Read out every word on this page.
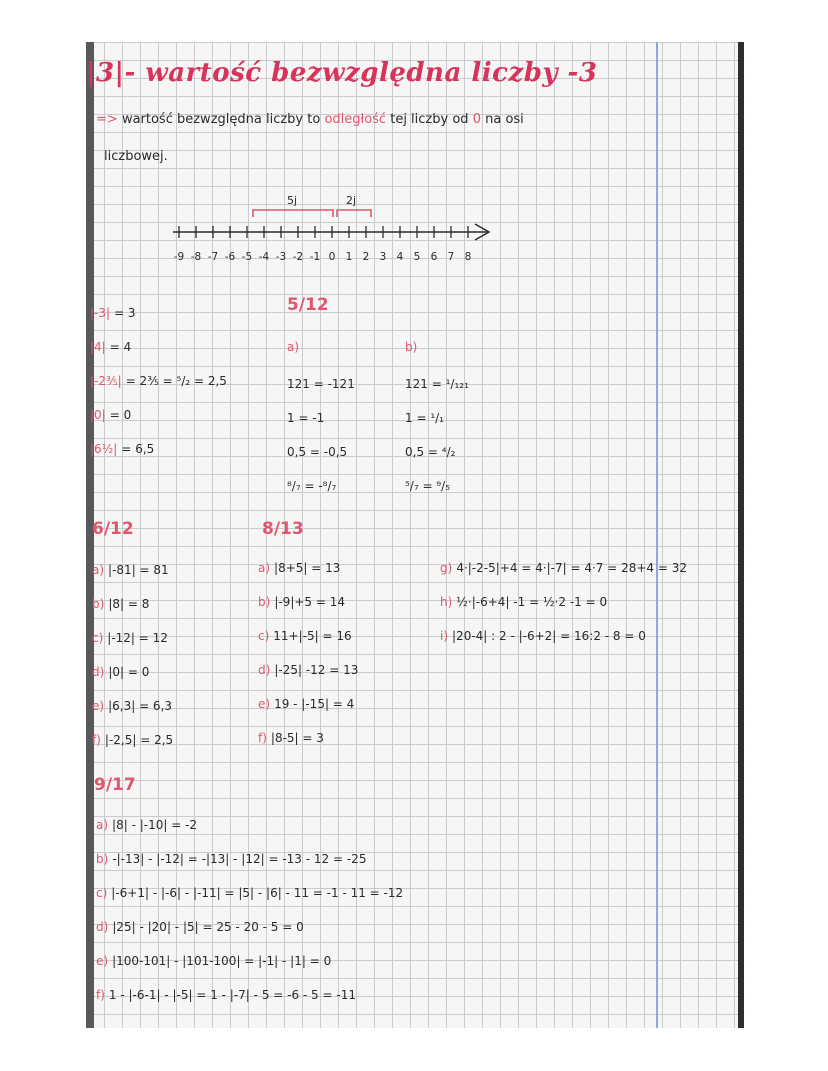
|3|- wartość bezwzględna liczby -3
=> wartość bezwzględna liczby to odległość tej liczby od 0 na osi
liczbowej.
-9 -8 -7 -6 -5 -4 -3 -2 -1 0 1 2 3 4 5 6 7 8
5j	2j
|-3| = 3
|4| = 4
|-2⅗| = 2⅗ = ⁵/₂ = 2,5
|0| = 0
|6½| = 6,5
5/12
a)	b)
121 = -121
1 = -1
0,5 = -0,5
⁸/₇ = -⁸/₇
121 = ¹/₁₂₁
1 = ¹/₁
0,5 = ⁴/₂
⁵/₇ = ⁹/₅
6/12
a) |-81| = 81
b) |8| = 8
c) |-12| = 12
d) |0| = 0
e) |6,3| = 6,3
f) |-2,5| = 2,5
8/13
a) |8+5| = 13
b) |-9|+5 = 14
c) 11+|-5| = 16
d) |-25| -12 = 13
e) 19 - |-15| = 4
f) |8-5| = 3
g) 4·|-2-5|+4 = 4·|-7| = 4·7 = 28+4 = 32
h) ½·|-6+4| -1 = ½·2 -1 = 0
i) |20-4| : 2 - |-6+2| = 16:2 - 8 = 0
9/17
a) |8| - |-10| = -2
b) -|-13| - |-12| = -|13| - |12| = -13 - 12 = -25
c) |-6+1| - |-6| - |-11| = |5| - |6| - 11 = -1 - 11 = -12
d) |25| - |20| - |5| = 25 - 20 - 5 = 0
e) |100-101| - |101-100| = |-1| - |1| = 0
f) 1 - |-6-1| - |-5| = 1 - |-7| - 5 = -6 - 5 = -11
